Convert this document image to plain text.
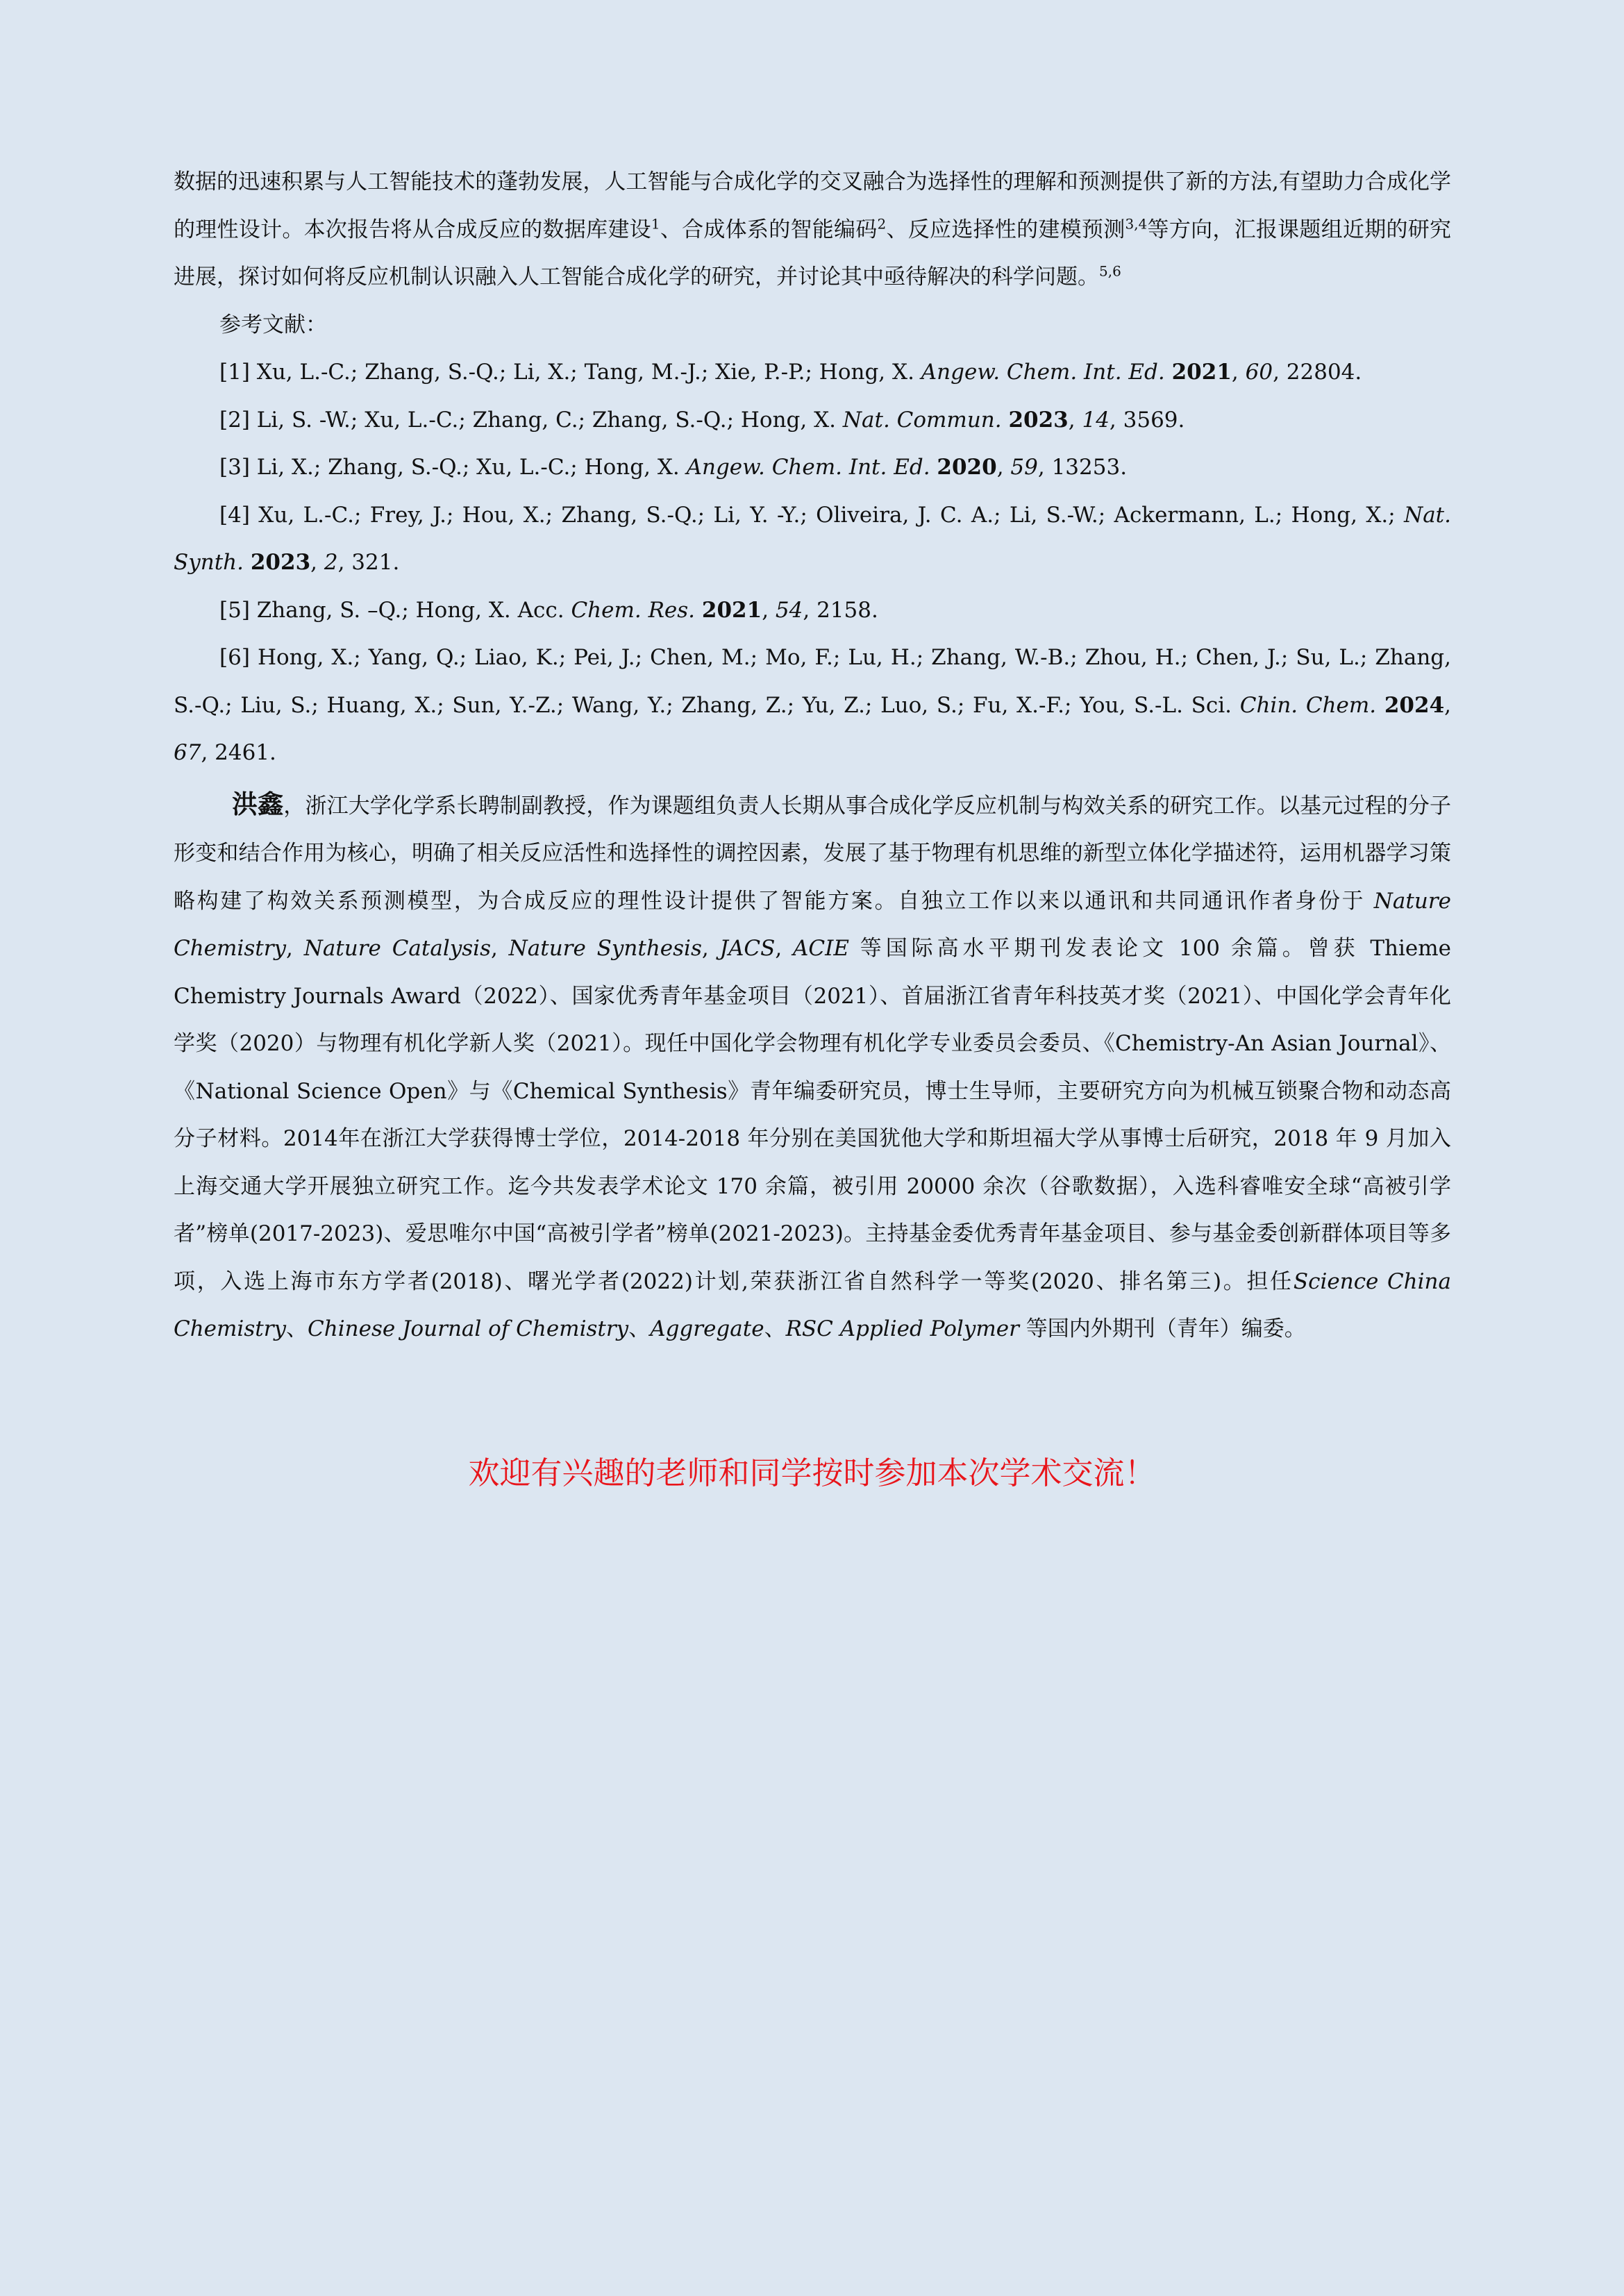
数据的迅速积累与人工智能技术的蓬勃发展，人工智能与合成化学的交叉融合为选择性的理解和预测提供了新的方法,有望助力合成化学的理性设计。本次报告将从合成反应的数据库建设$^1$、合成体系的智能编码$^2$、反应选择性的建模预测$^{3,4}$等方向，汇报课题组近期的研究进展，探讨如何将反应机制认识融入人工智能合成化学的研究，并讨论其中亟待解决的科学问题。$^{5,6}$

参考文献：

[1] Xu, L.-C.; Zhang, S.-Q.; Li, X.; Tang, M.-J.; Xie, P.-P.; Hong, X. Angew. Chem. Int. Ed. 2021, 60, 22804.

[2] Li, S. -W.; Xu, L.-C.; Zhang, C.; Zhang, S.-Q.; Hong, X. Nat. Commun. 2023, 14, 3569.

[3] Li, X.; Zhang, S.-Q.; Xu, L.-C.; Hong, X. Angew. Chem. Int. Ed. 2020, 59, 13253.

[4] Xu, L.-C.; Frey, J.; Hou, X.; Zhang, S.-Q.; Li, Y. -Y.; Oliveira, J. C. A.; Li, S.-W.; Ackermann, L.; Hong, X.; Nat. Synth. 2023, 2, 321.

[5] Zhang, S. –Q.; Hong, X. Acc. Chem. Res. 2021, 54, 2158.

[6] Hong, X.; Yang, Q.; Liao, K.; Pei, J.; Chen, M.; Mo, F.; Lu, H.; Zhang, W.-B.; Zhou, H.; Chen, J.; Su, L.; Zhang, S.-Q.; Liu, S.; Huang, X.; Sun, Y.-Z.; Wang, Y.; Zhang, Z.; Yu, Z.; Luo, S.; Fu, X.-F.; You, S.-L. Sci. Chin. Chem. 2024, 67, 2461.

洪鑫，浙江大学化学系长聘制副教授，作为课题组负责人长期从事合成化学反应机制与构效关系的研究工作。以基元过程的分子形变和结合作用为核心，明确了相关反应活性和选择性的调控因素，发展了基于物理有机思维的新型立体化学描述符，运用机器学习策略构建了构效关系预测模型，为合成反应的理性设计提供了智能方案。自独立工作以来以通讯和共同通讯作者身份于 Nature Chemistry, Nature Catalysis, Nature Synthesis, JACS, ACIE 等国际高水平期刊发表论文 100 余篇。曾获 Thieme Chemistry Journals Award（2022）、国家优秀青年基金项目（2021）、首届浙江省青年科技英才奖（2021）、中国化学会青年化学奖（2020）与物理有机化学新人奖（2021）。现任中国化学会物理有机化学专业委员会委员、《Chemistry-An Asian Journal》、《National Science Open》与《Chemical Synthesis》青年编委研究员，博士生导师，主要研究方向为机械互锁聚合物和动态高分子材料。2014年在浙江大学获得博士学位，2014-2018 年分别在美国犹他大学和斯坦福大学从事博士后研究，2018 年 9 月加入上海交通大学开展独立研究工作。迄今共发表学术论文 170 余篇，被引用 20000 余次（谷歌数据），入选科睿唯安全球“高被引学者”榜单(2017-2023)、爱思唯尔中国“高被引学者”榜单(2021-2023)。主持基金委优秀青年基金项目、参与基金委创新群体项目等多项，入选上海市东方学者(2018)、曙光学者(2022)计划,荣获浙江省自然科学一等奖(2020、排名第三)。担任Science China Chemistry、Chinese Journal of Chemistry、Aggregate、RSC Applied Polymer 等国内外期刊（青年）编委。

欢迎有兴趣的老师和同学按时参加本次学术交流！
